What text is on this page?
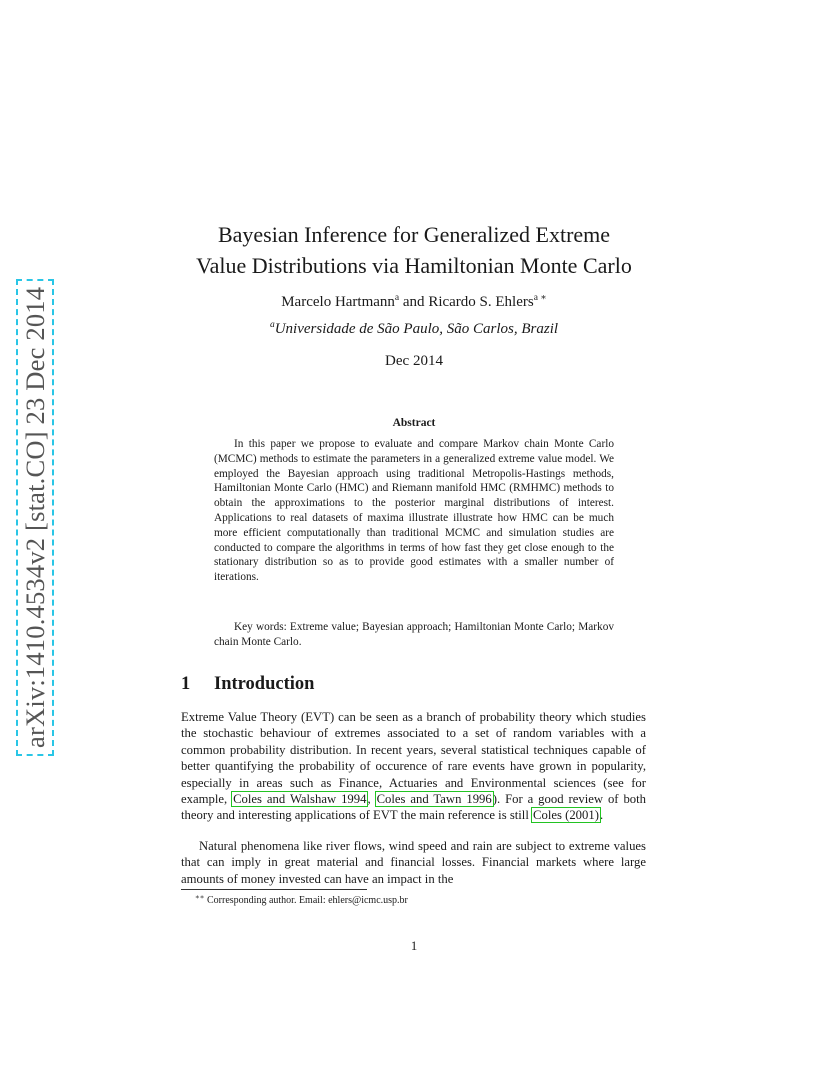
arXiv:1410.4534v2 [stat.CO] 23 Dec 2014
Bayesian Inference for Generalized Extreme
Value Distributions via Hamiltonian Monte Carlo
Marcelo Hartmann$^a$ and Ricardo S. Ehlers$^{a ∗}$
$^a$Universidade de São Paulo, São Carlos, Brazil
Dec 2014
Abstract

In this paper we propose to evaluate and compare Markov chain Monte Carlo (MCMC) methods to estimate the parameters in a generalized extreme value model. We employed the Bayesian approach using traditional Metropolis-Hastings methods, Hamiltonian Monte Carlo (HMC) and Riemann manifold HMC (RMHMC) methods to obtain the approximations to the posterior marginal distributions of interest. Applications to real datasets of maxima illustrate illustrate how HMC can be much more efficient computationally than traditional MCMC and simulation studies are conducted to compare the algorithms in terms of how fast they get close enough to the stationary distribution so as to provide good estimates with a smaller number of iterations.

Key words: Extreme value; Bayesian approach; Hamiltonian Monte Carlo; Markov chain Monte Carlo.

1 Introduction

Extreme Value Theory (EVT) can be seen as a branch of probability theory which studies the stochastic behaviour of extremes associated to a set of random variables with a common probability distribution. In recent years, several statistical techniques capable of better quantifying the probability of occurence of rare events have grown in popularity, especially in areas such as Finance, Actuaries and Environmental sciences (see for example, Coles and Walshaw 1994, Coles and Tawn 1996). For a good review of both theory and interesting applications of EVT the main reference is still Coles (2001).

Natural phenomena like river flows, wind speed and rain are subject to extreme values that can imply in great material and financial losses. Financial markets where large amounts of money invested can have an impact in the

∗∗ Corresponding author. Email: ehlers@icmc.usp.br
1
